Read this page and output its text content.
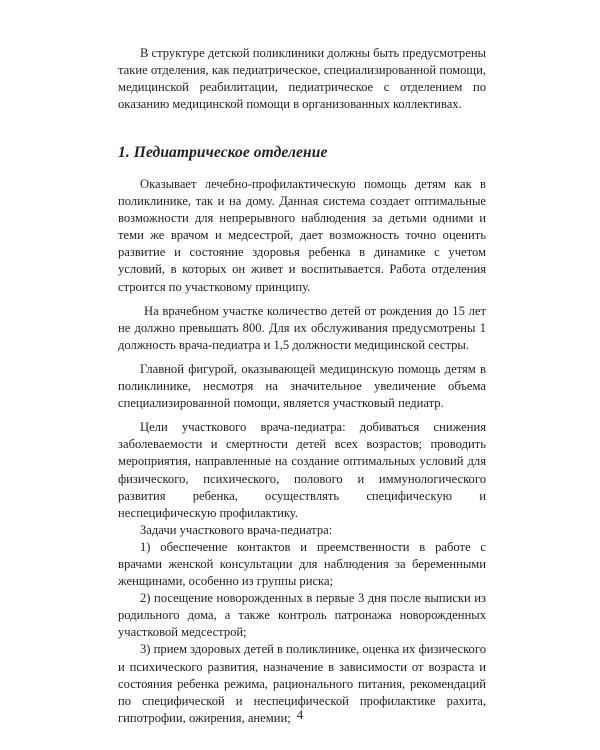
В структуре детской поликлиники должны быть предусмотрены такие отделения, как педиатрическое, специализированной помощи, медицинской реабилитации, педиатрическое с отделением по оказанию медицинской помощи в организованных коллективах.

1. Педиатрическое отделение

Оказывает лечебно-профилактическую помощь детям как в поликлинике, так и на дому. Данная система создает оптимальные возможности для непрерывного наблюдения за детьми одними и теми же врачом и медсестрой, дает возможность точно оценить развитие и состояние здоровья ребенка в динамике с учетом условий, в которых он живет и воспитывается. Работа отделения строится по участковому принципу.

На врачебном участке количество детей от рождения до 15 лет не должно превышать 800. Для их обслуживания предусмотрены 1 должность врача-педиатра и 1,5 должности медицинской сестры.

Главной фигурой, оказывающей медицинскую помощь детям в поликлинике, несмотря на значительное увеличение объема специализированной помощи, является участковый педиатр.

Цели участкового врача-педиатра: добиваться снижения заболеваемости и смертности детей всех возрастов; проводить мероприятия, направленные на создание оптимальных условий для физического, психического, полового и иммунологического развития ребенка, осуществлять специфическую и неспецифическую профилактику.

Задачи участкового врача-педиатра:

1) обеспечение контактов и преемственности в работе с врачами женской консультации для наблюдения за беременными женщинами, особенно из группы риска;

2) посещение новорожденных в первые 3 дня после выписки из родильного дома, а также контроль патронажа новорожденных участковой медсестрой;

3) прием здоровых детей в поликлинике, оценка их физического и психического развития, назначение в зависимости от возраста и состояния ребенка режима, рационального питания, рекомендаций по специфической и неспецифической профилактике рахита, гипотрофии, ожирения, анемии; 4
